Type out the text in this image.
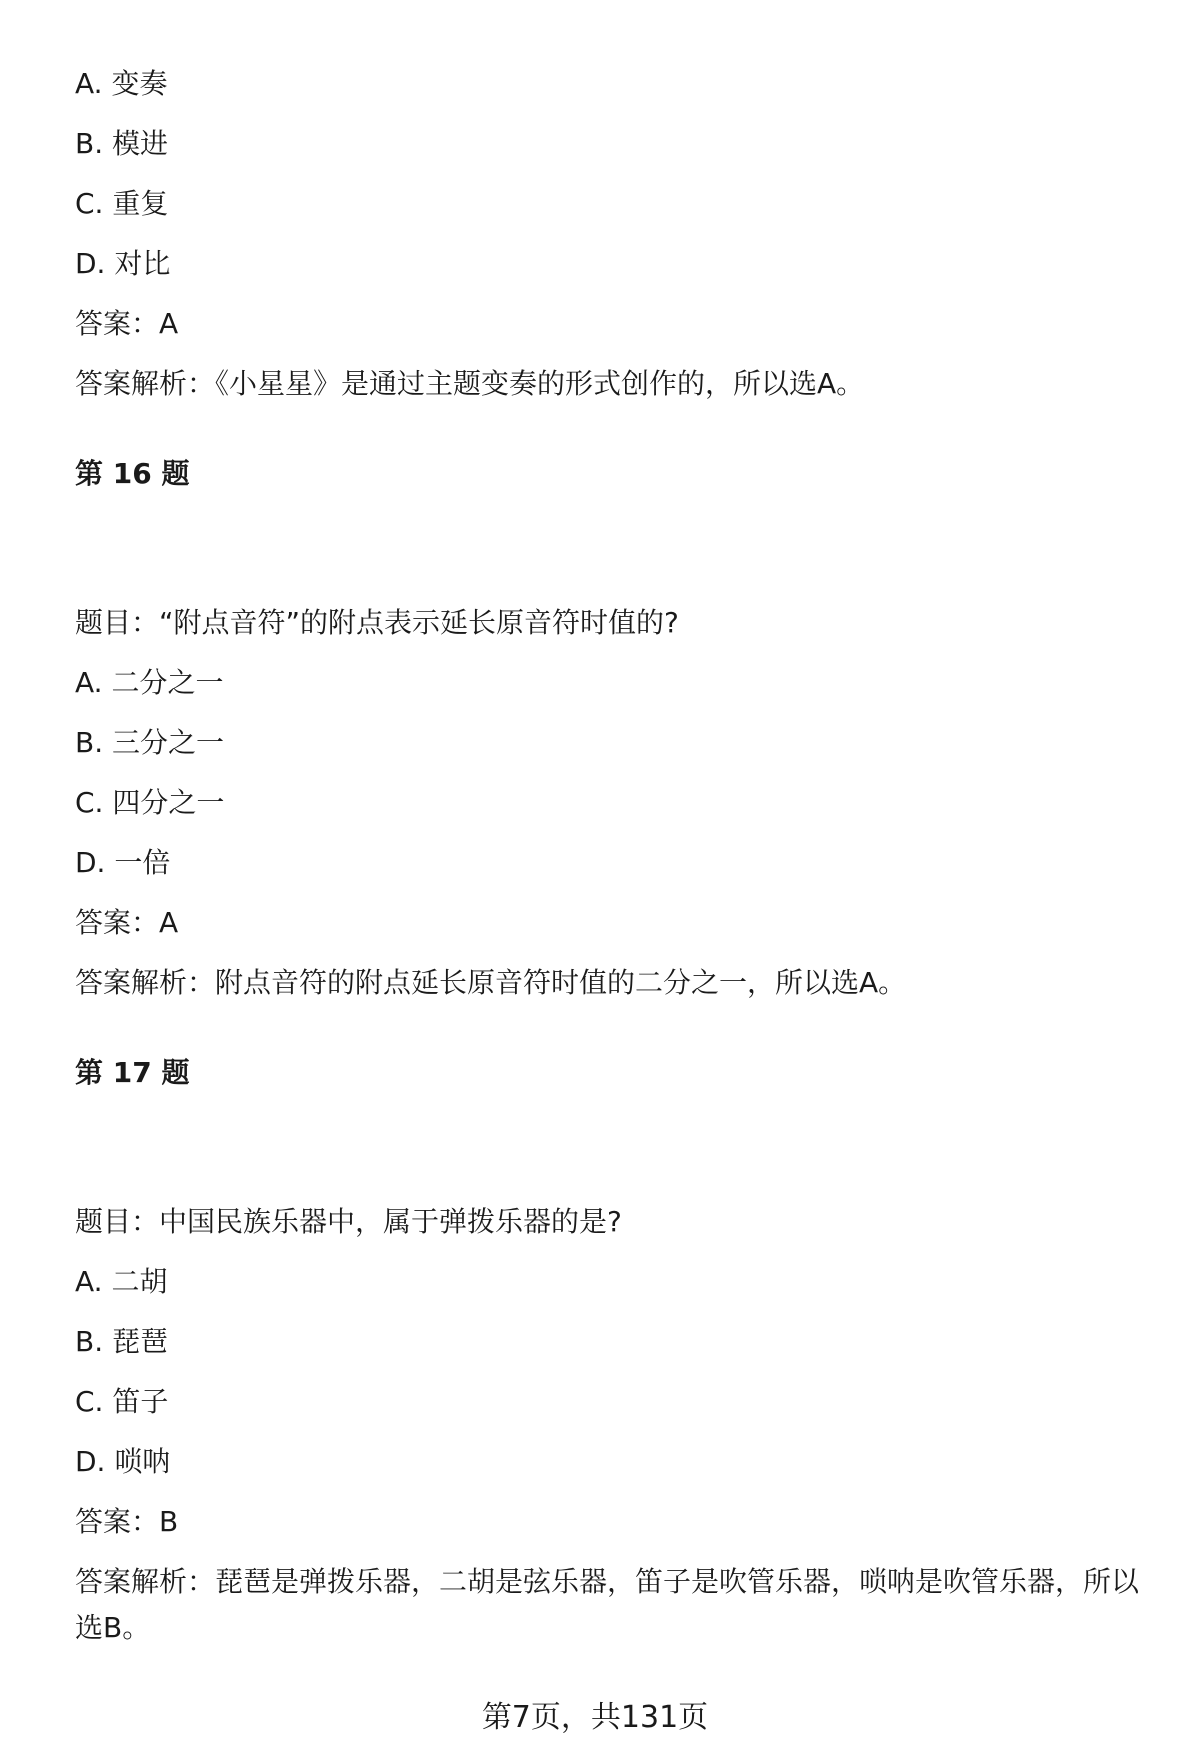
A. 变奏
B. 模进
C. 重复
D. 对比
答案：A
答案解析：《小星星》是通过主题变奏的形式创作的，所以选A。
第 16 题
题目：“附点音符”的附点表示延长原音符时值的?
A. 二分之一
B. 三分之一
C. 四分之一
D. 一倍
答案：A
答案解析：附点音符的附点延长原音符时值的二分之一，所以选A。
第 17 题
题目：中国民族乐器中，属于弹拨乐器的是?
A. 二胡
B. 琵琶
C. 笛子
D. 唢呐
答案：B
答案解析：琵琶是弹拨乐器，二胡是弦乐器，笛子是吹管乐器，唢呐是吹管乐器，所以选B。
第7页，共131页
